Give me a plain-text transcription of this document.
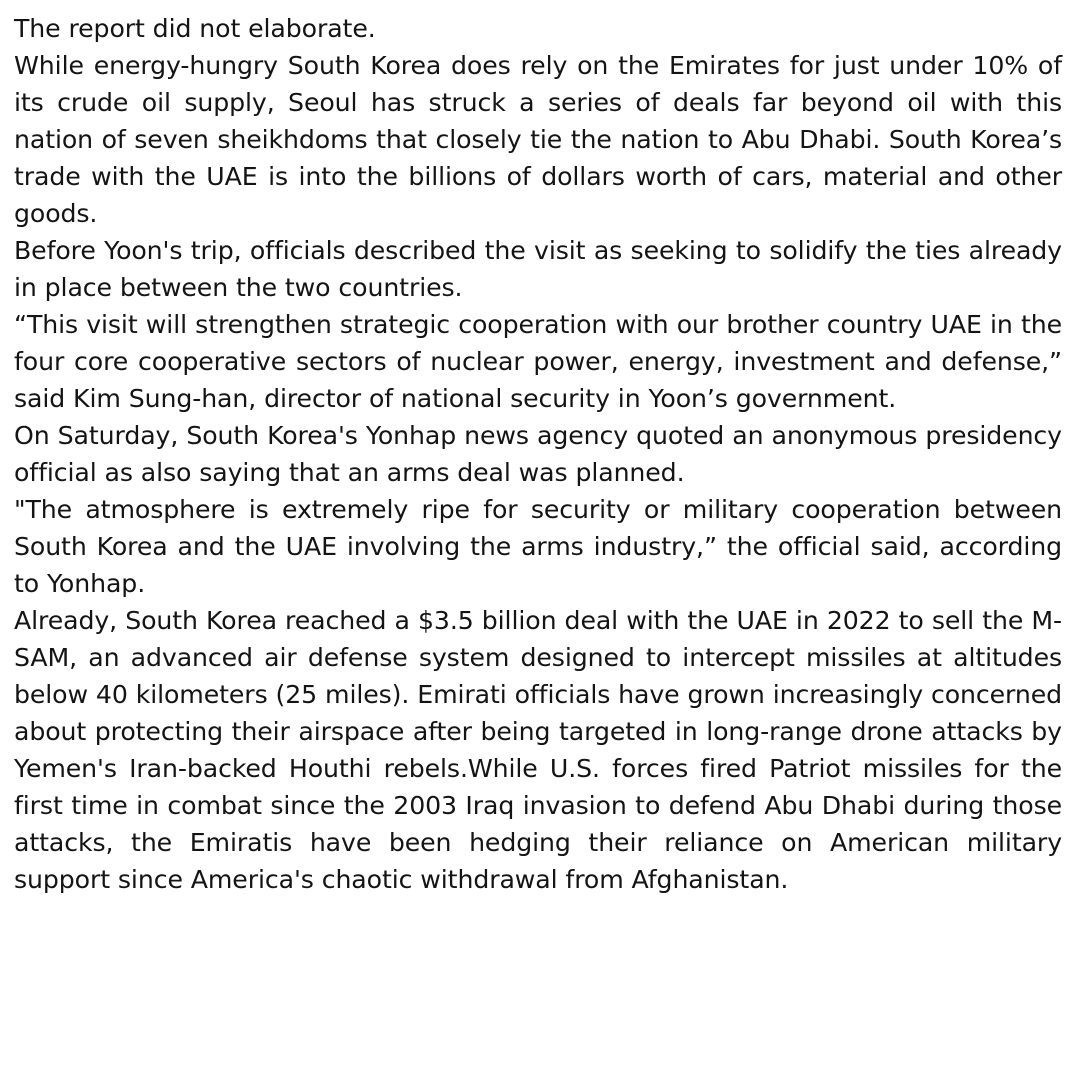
The report did not elaborate.

While energy-hungry South Korea does rely on the Emirates for just under 10% of its crude oil supply, Seoul has struck a series of deals far beyond oil with this nation of seven sheikhdoms that closely tie the nation to Abu Dhabi. South Korea’s trade with the UAE is into the billions of dollars worth of cars, material and other goods.

Before Yoon's trip, officials described the visit as seeking to solidify the ties already in place between the two countries.

“This visit will strengthen strategic cooperation with our brother country UAE in the four core cooperative sectors of nuclear power, energy, investment and defense,” said Kim Sung-han, director of national security in Yoon’s government.

On Saturday, South Korea's Yonhap news agency quoted an anonymous presidency official as also saying that an arms deal was planned.

"The atmosphere is extremely ripe for security or military cooperation between South Korea and the UAE involving the arms industry,” the official said, according to Yonhap.

Already, South Korea reached a $3.5 billion deal with the UAE in 2022 to sell the M-SAM, an advanced air defense system designed to intercept missiles at altitudes below 40 kilometers (25 miles). Emirati officials have grown increasingly concerned about protecting their airspace after being targeted in long-range drone attacks by Yemen's Iran-backed Houthi rebels.While U.S. forces fired Patriot missiles for the first time in combat since the 2003 Iraq invasion to defend Abu Dhabi during those attacks, the Emiratis have been hedging their reliance on American military support since America's chaotic withdrawal from Afghanistan.
